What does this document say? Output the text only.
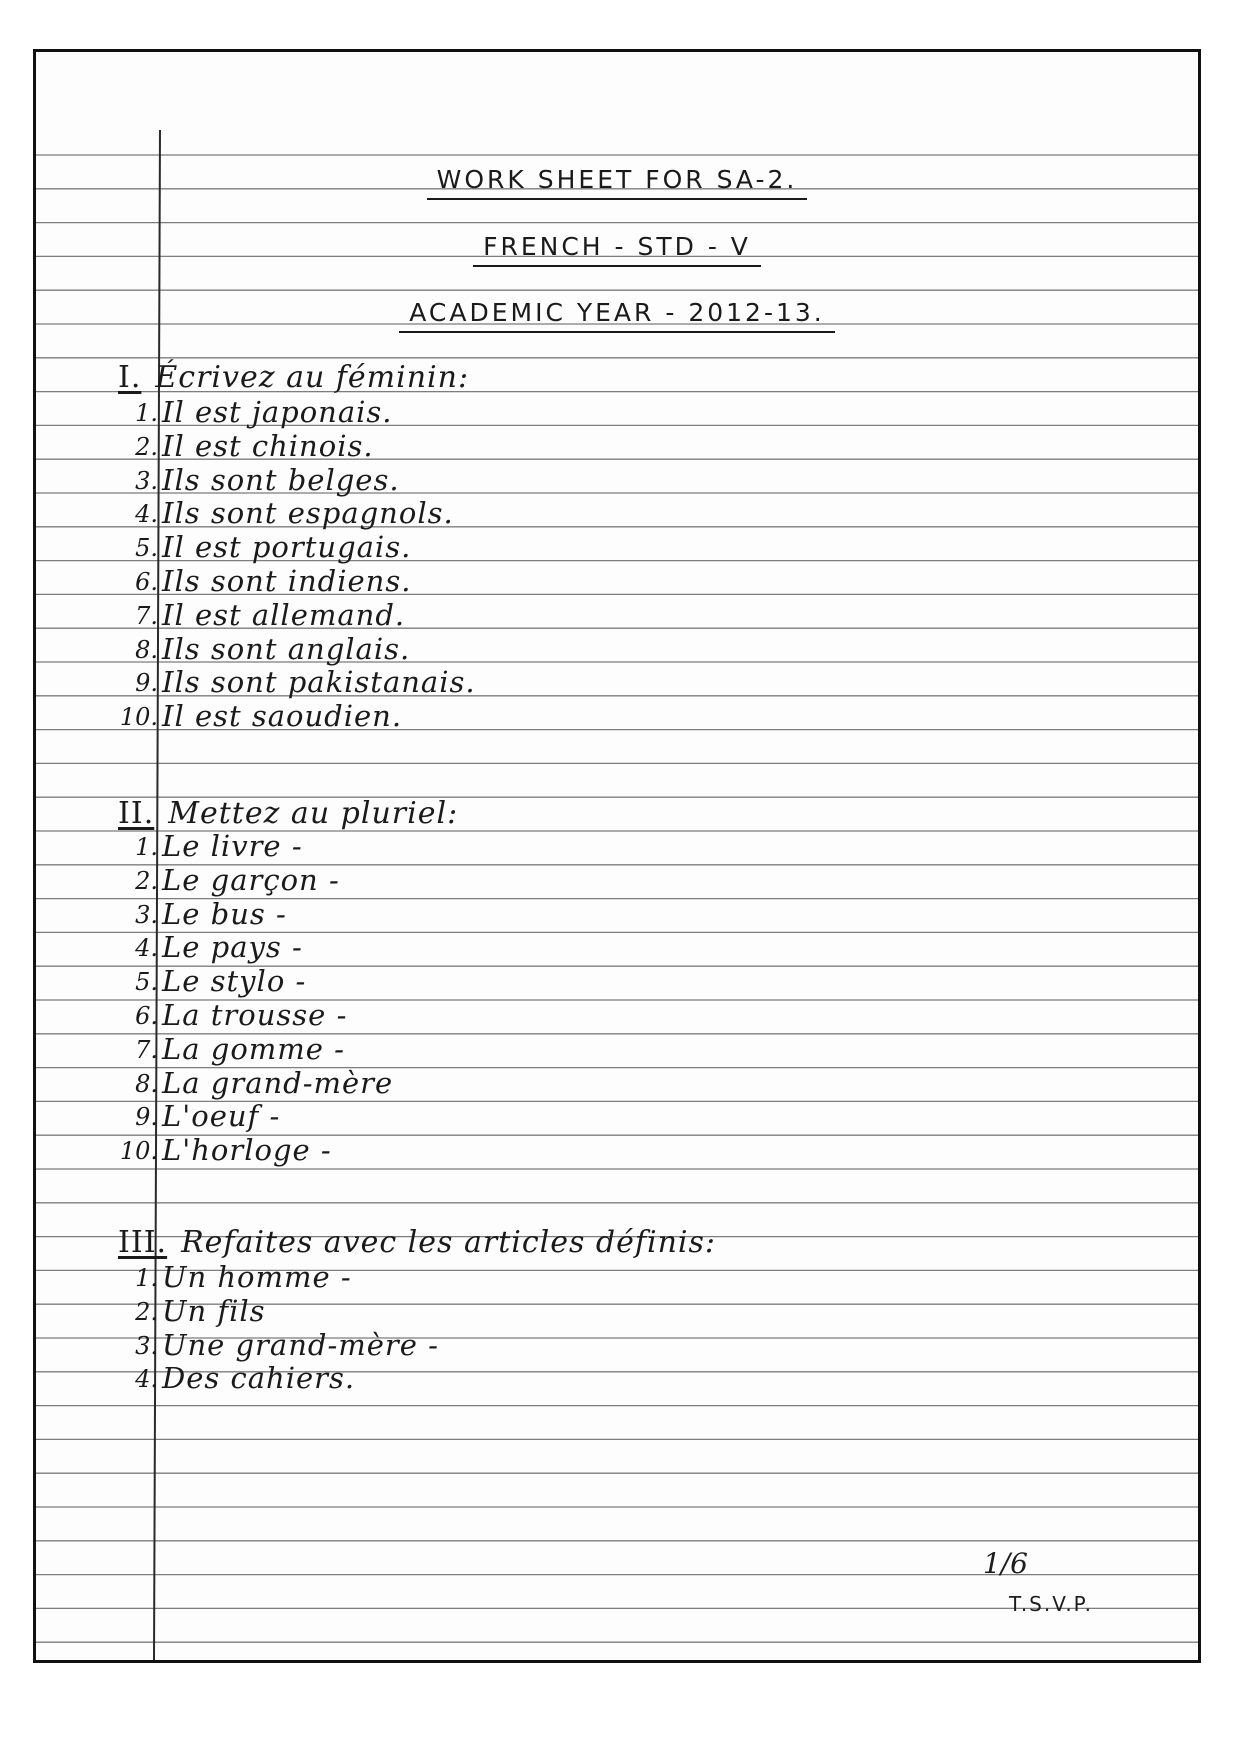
WORK SHEET FOR SA-2.
FRENCH - STD - V
ACADEMIC YEAR - 2012-13.
I. Écrivez au féminin:
1. Il est japonais.
2. Il est chinois.
3. Ils sont belges.
4. Ils sont espagnols.
5. Il est portugais.
6. Ils sont indiens.
7. Il est allemand.
8. Ils sont anglais.
9. Ils sont pakistanais.
10. Il est saoudien.
II. Mettez au pluriel:
1. Le livre -
2. Le garçon -
3. Le bus -
4. Le pays -
5. Le stylo -
6. La trousse -
7. La gomme -
8. La grand-mère
9. L'oeuf -
10. L'horloge -
III. Refaites avec les articles définis:
1. Un homme -
2. Un fils
3. Une grand-mère -
4. Des cahiers.
1/6
T.S.V.P.
